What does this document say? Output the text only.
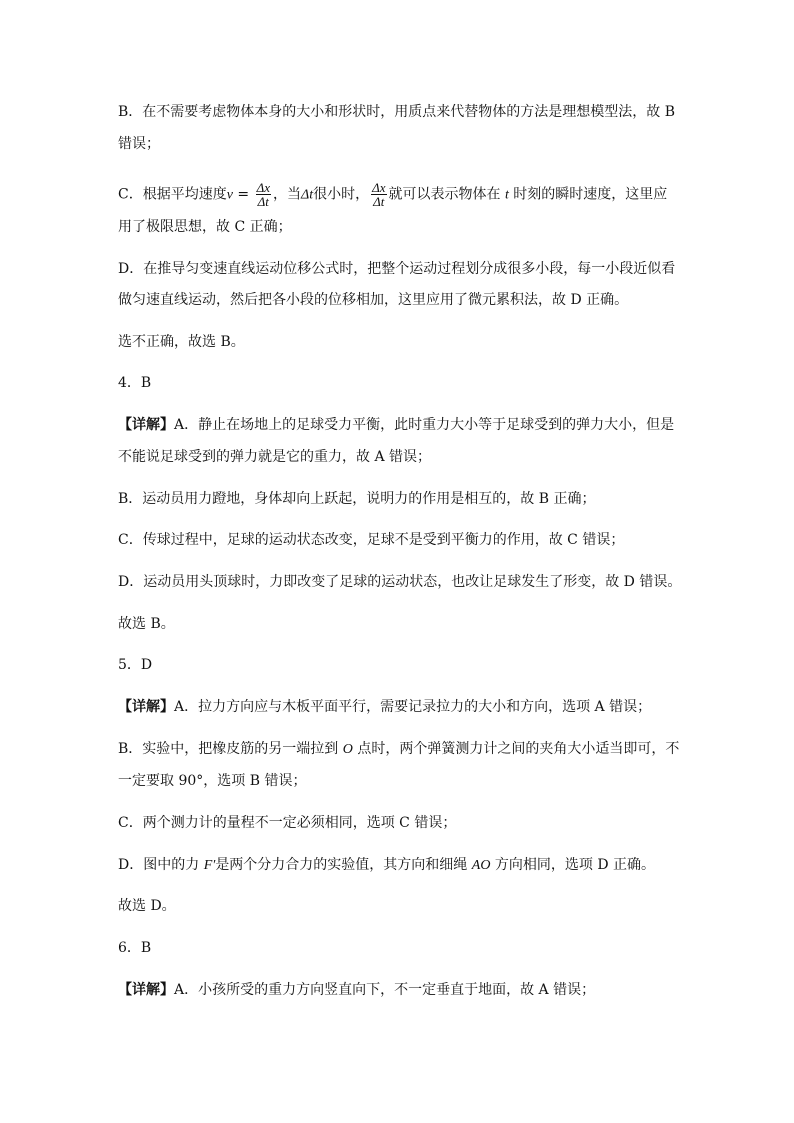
B．在不需要考虑物体本身的大小和形状时，用质点来代替物体的方法是理想模型法，故 B
错误；
C．根据平均速度$v = \frac{\Delta x}{\Delta t}$ ，当Δt很小时， $\frac{\Delta x}{\Delta t}$ 就可以表示物体在 t 时刻的瞬时速度，这里应
用了极限思想，故 C 正确；
D．在推导匀变速直线运动位移公式时，把整个运动过程划分成很多小段，每一小段近似看
做匀速直线运动，然后把各小段的位移相加，这里应用了微元累积法，故 D 正确。
选不正确，故选 B。
4．B
【详解】A．静止在场地上的足球受力平衡，此时重力大小等于足球受到的弹力大小，但是
不能说足球受到的弹力就是它的重力，故 A 错误；
B．运动员用力蹬地，身体却向上跃起，说明力的作用是相互的，故 B 正确；
C．传球过程中，足球的运动状态改变，足球不是受到平衡力的作用，故 C 错误；
D．运动员用头顶球时，力即改变了足球的运动状态，也改让足球发生了形变，故 D 错误。
故选 B。
5．D
【详解】A．拉力方向应与木板平面平行，需要记录拉力的大小和方向，选项 A 错误；
B．实验中，把橡皮筋的另一端拉到 O 点时，两个弹簧测力计之间的夹角大小适当即可，不
一定要取 90°，选项 B 错误；
C．两个测力计的量程不一定必须相同，选项 C 错误；
D．图中的力 F′是两个分力合力的实验值，其方向和细绳 AO 方向相同，选项 D 正确。
故选 D。
6．B
【详解】A．小孩所受的重力方向竖直向下，不一定垂直于地面，故 A 错误；
